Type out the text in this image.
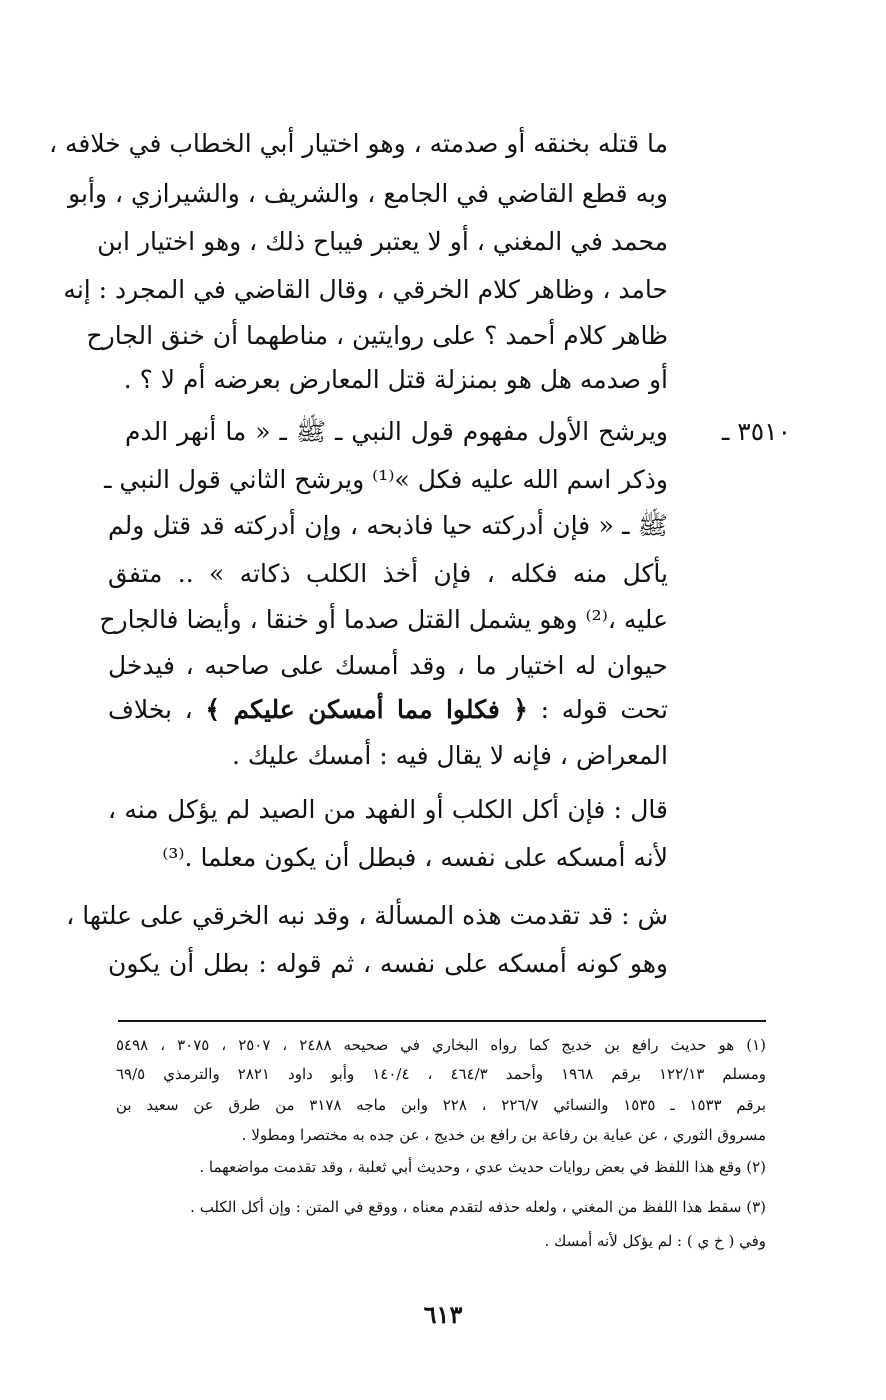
ما قتله بخنقه أو صدمته ، وهو اختيار أبي الخطاب في خلافه ،
وبه قطع القاضي في الجامع ، والشريف ، والشيرازي ، وأبو
محمد في المغني ، أو لا يعتبر فيباح ذلك ، وهو اختيار ابن
حامد ، وظاهر كلام الخرقي ، وقال القاضي في المجرد : إنه
ظاهر كلام أحمد ؟ على روايتين ، مناطهما أن خنق الجارح
أو صدمه هل هو بمنزلة قتل المعارض بعرضه أم لا ؟ .
٣٥١٠ ـ
ويرشح الأول مفهوم قول النبي ـ ﷺ ـ « ما أنهر الدم
وذكر اسم الله عليه فكل »⁽¹⁾ ويرشح الثاني قول النبي ـ
ﷺ ـ « فإن أدركته حيا فاذبحه ، وإن أدركته قد قتل ولم
يأكل منه فكله ، فإن أخذ الكلب ذكاته » .. متفق
عليه ،⁽²⁾ وهو يشمل القتل صدما أو خنقا ، وأيضا فالجارح
حيوان له اختيار ما ، وقد أمسك على صاحبه ، فيدخل
تحت قوله : ﴿ فكلوا مما أمسكن عليكم ﴾ ، بخلاف
المعراض ، فإنه لا يقال فيه : أمسك عليك .
قال : فإن أكل الكلب أو الفهد من الصيد لم يؤكل منه ،
لأنه أمسكه على نفسه ، فبطل أن يكون معلما .⁽³⁾
ش : قد تقدمت هذه المسألة ، وقد نبه الخرقي على علتها ،
وهو كونه أمسكه على نفسه ، ثم قوله : بطل أن يكون
(١) هو حديث رافع بن خديج كما رواه البخاري في صحيحه ٢٤٨٨ ، ٢٥٠٧ ، ٣٠٧٥ ، ٥٤٩٨
ومسلم ١٢٢/١٣ برقم ١٩٦٨ وأحمد ٤٦٤/٣ ، ١٤٠/٤ وأبو داود ٢٨٢١ والترمذي ٦٩/٥
برقم ١٥٣٣ ـ ١٥٣٥ والنسائي ٢٢٦/٧ ، ٢٢٨ وابن ماجه ٣١٧٨ من طرق عن سعيد بن
مسروق الثوري ، عن عباية بن رفاعة بن رافع بن خديج ، عن جده به مختصرا ومطولا .
(٢) وقع هذا اللفظ في بعض روايات حديث عدي ، وحديث أبي ثعلبة ، وقد تقدمت مواضعهما .
(٣) سقط هذا اللفظ من المغني ، ولعله حذفه لتقدم معناه ، ووقع في المتن : وإن أكل الكلب .
وفي ( خ ي ) : لم يؤكل لأنه أمسك .
٦١٣
